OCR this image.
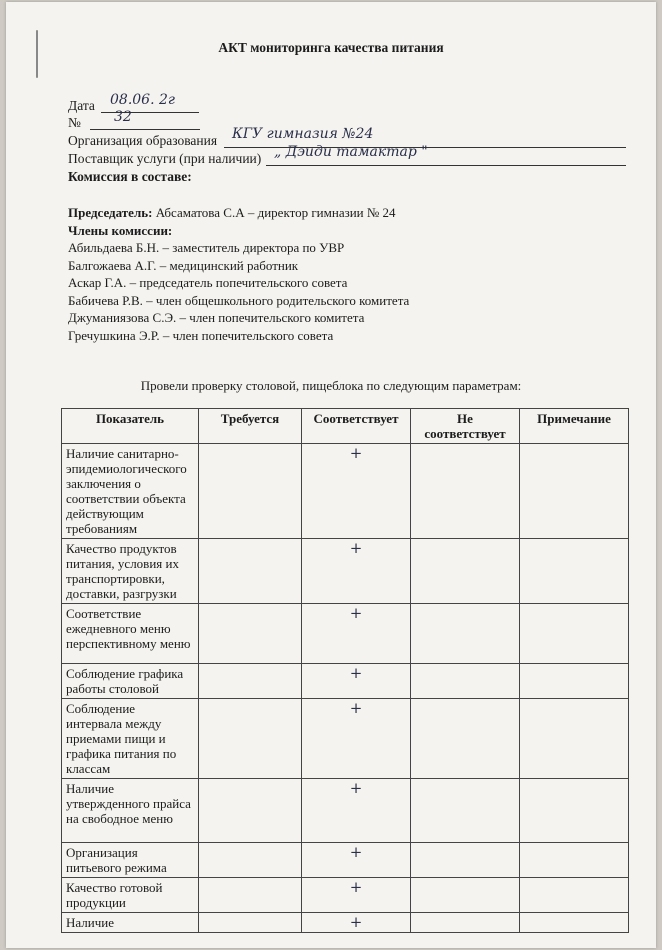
АКТ мониторинга качества питания
Дата 08.06. 2г
№ 32
Организация образования КГУ гимназия №24
Поставщик услуги (при наличии) „ Дэиди тамактар "
Комиссия в составе:
Председатель: Абсаматова С.А – директор гимназии № 24
Члены комиссии:
Абильдаева Б.Н. – заместитель директора по УВР
Балгожаева А.Г. – медицинский работник
Аскар Г.А. – председатель попечительского совета
Бабичева Р.В. – член общешкольного родительского комитета
Джуманиязова С.Э. – член попечительского комитета
Гречушкина Э.Р. – член попечительского совета
Провели проверку столовой, пищеблока по следующим параметрам:
Показатель	Требуется	Соответствует	Не соответствует	Примечание
Наличие санитарно-эпидемиологического заключения о соответствии объекта действующим требованиям		+		
Качество продуктов питания, условия их транспортировки, доставки, разгрузки		+		
Соответствие ежедневного меню перспективному меню		+		
Соблюдение графика работы столовой		+		
Соблюдение интервала между приемами пищи и графика питания по классам		+		
Наличие утвержденного прайса на свободное меню		+		
Организация питьевого режима		+		
Качество готовой продукции		+		
Наличие		+		
